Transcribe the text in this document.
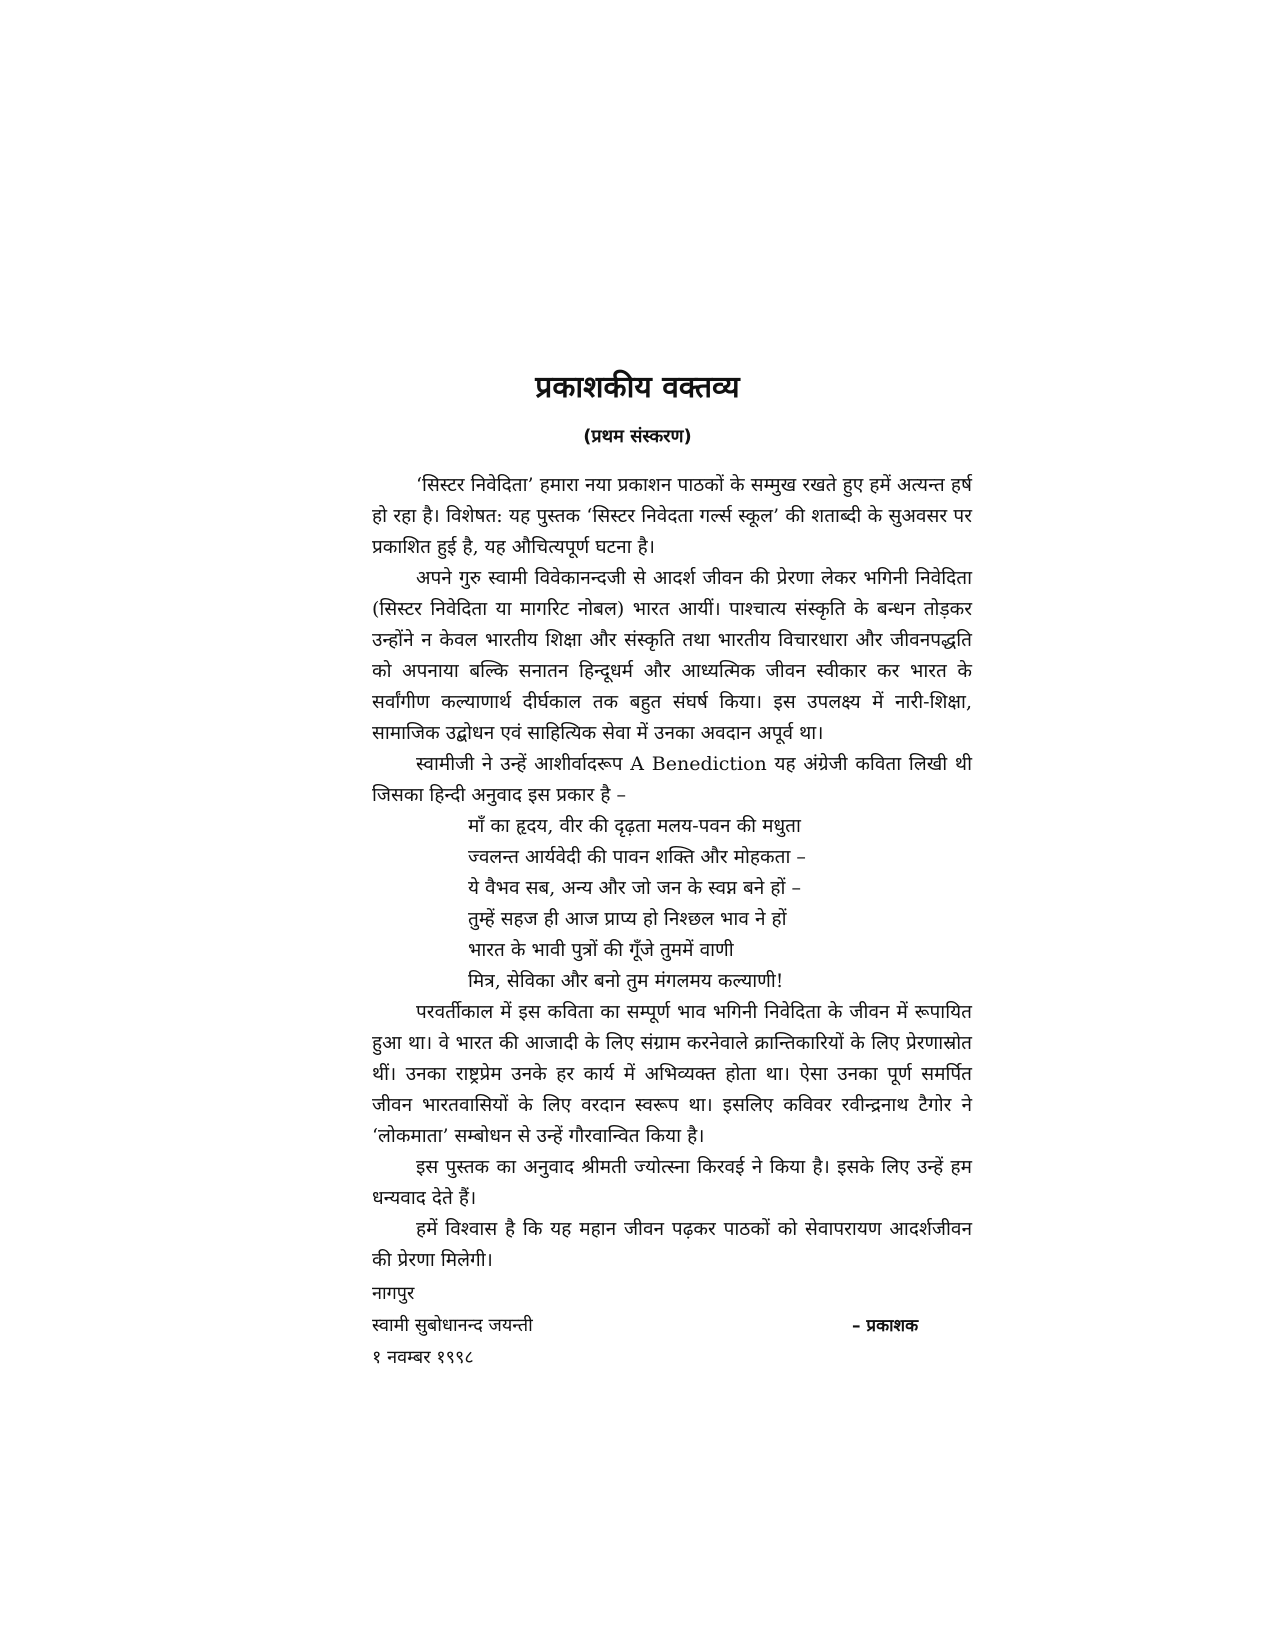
प्रकाशकीय वक्तव्य
(प्रथम संस्करण)

‘सिस्टर निवेदिता’ हमारा नया प्रकाशन पाठकों के सम्मुख रखते हुए हमें अत्यन्त हर्ष हो रहा है। विशेषत: यह पुस्तक ‘सिस्टर निवेदता गर्ल्स स्कूल’ की शताब्दी के सुअवसर पर प्रकाशित हुई है, यह औचित्यपूर्ण घटना है।

अपने गुरु स्वामी विवेकानन्दजी से आदर्श जीवन की प्रेरणा लेकर भगिनी निवेदिता (सिस्टर निवेदिता या मागरिट नोबल) भारत आयीं। पाश्चात्य संस्कृति के बन्धन तोड़कर उन्होंने न केवल भारतीय शिक्षा और संस्कृति तथा भारतीय विचारधारा और जीवनपद्धति को अपनाया बल्कि सनातन हिन्दूधर्म और आध्यत्मिक जीवन स्वीकार कर भारत के सर्वांगीण कल्याणार्थ दीर्घकाल तक बहुत संघर्ष किया। इस उपलक्ष्य में नारी-शिक्षा, सामाजिक उद्बोधन एवं साहित्यिक सेवा में उनका अवदान अपूर्व था।

स्वामीजी ने उन्हें आशीर्वादरूप A Benediction यह अंग्रेजी कविता लिखी थी जिसका हिन्दी अनुवाद इस प्रकार है –

माँ का हृदय, वीर की दृढ़ता मलय-पवन की मधुता
ज्वलन्त आर्यवेदी की पावन शक्ति और मोहकता –
ये वैभव सब, अन्य और जो जन के स्वप्न बने हों –
तुम्हें सहज ही आज प्राप्य हो निश्छल भाव ने हों
भारत के भावी पुत्रों की गूँजे तुममें वाणी
मित्र, सेविका और बनो तुम मंगलमय कल्याणी!

परवर्तीकाल में इस कविता का सम्पूर्ण भाव भगिनी निवेदिता के जीवन में रूपायित हुआ था। वे भारत की आजादी के लिए संग्राम करनेवाले क्रान्तिकारियों के लिए प्रेरणास्रोत थीं। उनका राष्ट्रप्रेम उनके हर कार्य में अभिव्यक्त होता था। ऐसा उनका पूर्ण समर्पित जीवन भारतवासियों के लिए वरदान स्वरूप था। इसलिए कविवर रवीन्द्रनाथ टैगोर ने ‘लोकमाता’ सम्बोधन से उन्हें गौरवान्वित किया है।

इस पुस्तक का अनुवाद श्रीमती ज्योत्स्ना किरवई ने किया है। इसके लिए उन्हें हम धन्यवाद देते हैं।

हमें विश्वास है कि यह महान जीवन पढ़कर पाठकों को सेवापरायण आदर्शजीवन की प्रेरणा मिलेगी।

नागपुर
स्वामी सुबोधानन्द जयन्ती
१ नवम्बर १९९८
– प्रकाशक
